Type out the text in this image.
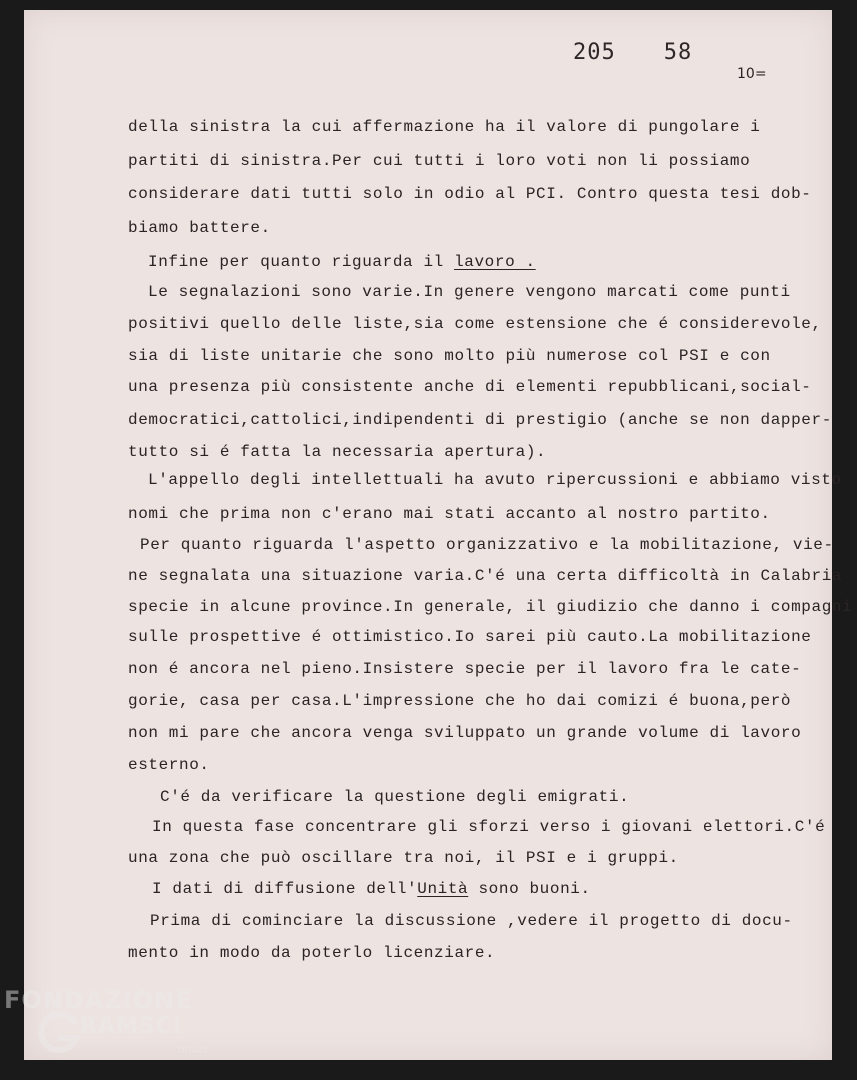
205 58
10=

della sinistra la cui affermazione ha il valore di pungolare i

partiti di sinistra.Per cui tutti i loro voti non li possiamo

considerare dati tutti solo in odio al PCI. Contro questa tesi dob-

biamo battere.

Infine per quanto riguarda il lavoro .

Le segnalazioni sono varie.In genere vengono marcati come punti

positivi quello delle liste,sia come estensione che é considerevole,

sia di liste unitarie che sono molto più numerose col PSI e con

una presenza più consistente anche di elementi repubblicani,social-

democratici,cattolici,indipendenti di prestigio (anche se non dapper-

tutto si é fatta la necessaria apertura).

L'appello degli intellettuali ha avuto ripercussioni e abbiamo visto

nomi che prima non c'erano mai stati accanto al nostro partito.

Per quanto riguarda l'aspetto organizzativo e la mobilitazione, vie-

ne segnalata una situazione varia.C'é una certa difficoltà in Calabria

specie in alcune province.In generale, il giudizio che danno i compagni

sulle prospettive é ottimistico.Io sarei più cauto.La mobilitazione

non é ancora nel pieno.Insistere specie per il lavoro fra le cate-

gorie, casa per casa.L'impressione che ho dai comizi é buona,però

non mi pare che ancora venga sviluppato un grande volume di lavoro

esterno.

C'é da verificare la questione degli emigrati.

In questa fase concentrare gli sforzi verso i giovani elettori.C'é

una zona che può oscillare tra noi, il PSI e i gruppi.

I dati di diffusione dell'Unità sono buoni.

Prima di cominciare la discussione ,vedere il progetto di docu-

mento in modo da poterlo licenziare.

FONDAZIONE
RAMSCI
onlus
